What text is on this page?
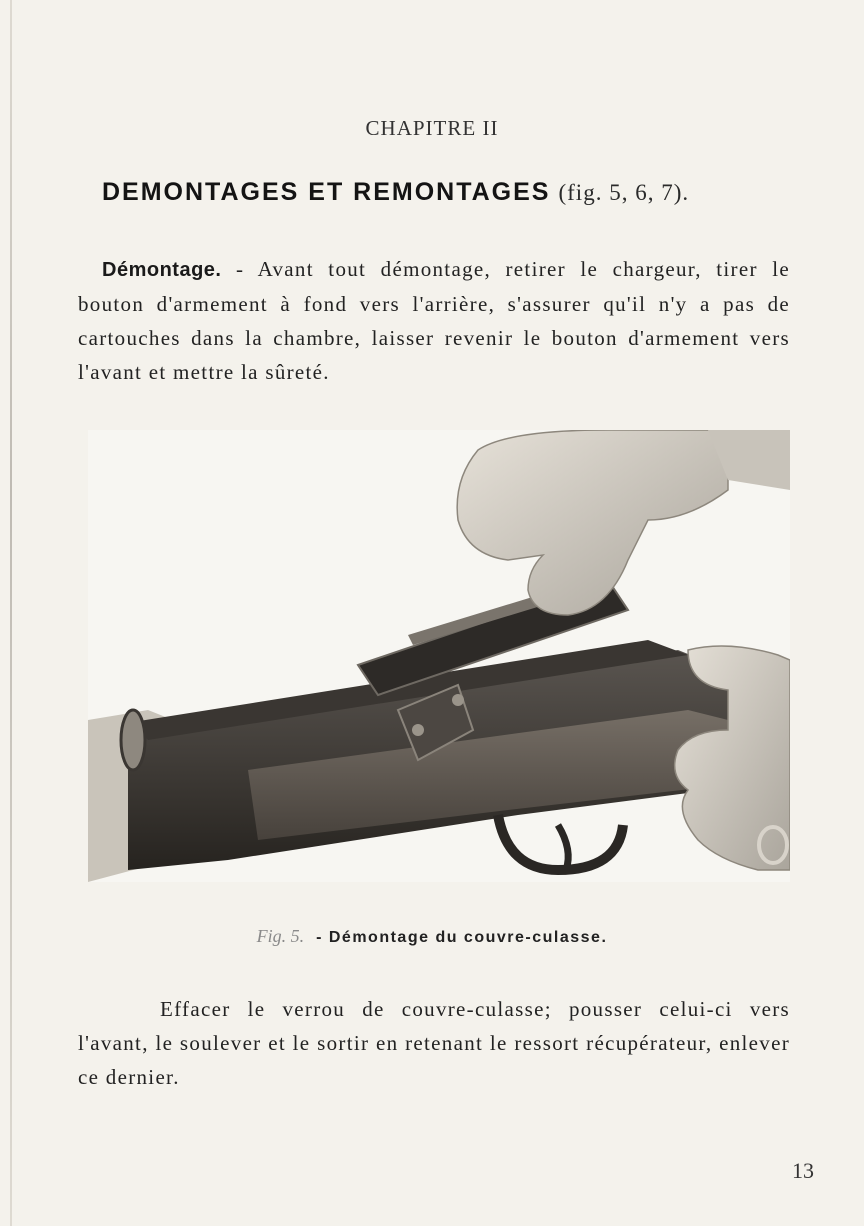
CHAPITRE II
DEMONTAGES ET REMONTAGES (fig. 5, 6, 7).

Démontage. - Avant tout démontage, retirer le chargeur, tirer le bouton d'armement à fond vers l'arrière, s'assurer qu'il n'y a pas de cartouches dans la chambre, laisser revenir le bouton d'armement vers l'avant et mettre la sûreté.

Fig. 5. - Démontage du couvre-culasse.

Effacer le verrou de couvre-culasse; pousser celui-ci vers l'avant, le soulever et le sortir en retenant le ressort récupérateur, enlever ce dernier.

13
